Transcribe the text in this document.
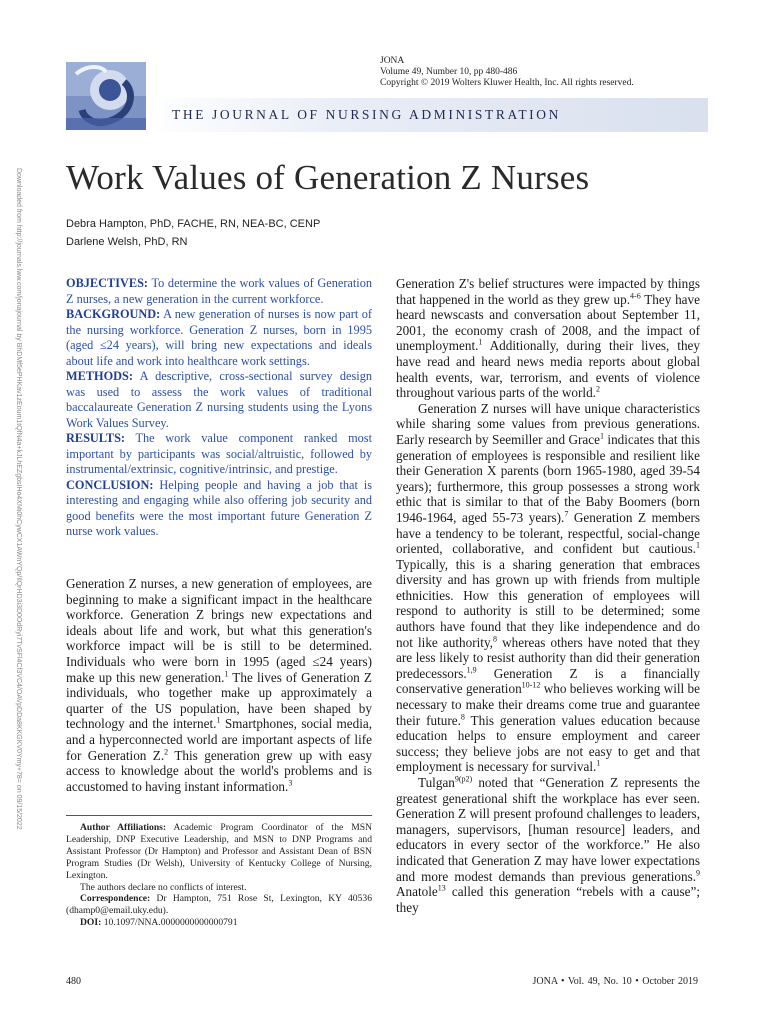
JONA
Volume 49, Number 10, pp 480-486
Copyright © 2019 Wolters Kluwer Health, Inc. All rights reserved.
THE JOURNAL OF NURSING ADMINISTRATION
Downloaded from http://journals.lww.com/jonajournal by BhDMf5ePHKav1zEoum1tQfN4a+kJLhEZgbsIHo4XMi0hCywCX1AWnYQp/IlQrHD3i3D0OdRyi7TvSFl4Cf3VC4/OAVpDDa8KKGKV0Ymy+78= on 09/15/2022 Work Values of Generation Z Nurses
Debra Hampton, PhD, FACHE, RN, NEA-BC, CENP
Darlene Welsh, PhD, RN
OBJECTIVES: To determine the work values of Generation Z nurses, a new generation in the current workforce.
BACKGROUND: A new generation of nurses is now part of the nursing workforce. Generation Z nurses, born in 1995 (aged ≤24 years), will bring new expectations and ideals about life and work into healthcare work settings.
METHODS: A descriptive, cross-sectional survey design was used to assess the work values of traditional baccalaureate Generation Z nursing students using the Lyons Work Values Survey.
RESULTS: The work value component ranked most important by participants was social/altruistic, followed by instrumental/extrinsic, cognitive/intrinsic, and prestige.
CONCLUSION: Helping people and having a job that is interesting and engaging while also offering job security and good benefits were the most important future Generation Z nurse work values.

Generation Z nurses, a new generation of employees, are beginning to make a significant impact in the healthcare workforce. Generation Z brings new expectations and ideals about life and work, but what this generation's workforce impact will be is still to be determined. Individuals who were born in 1995 (aged ≤24 years) make up this new generation.$^1$ The lives of Generation Z individuals, who together make up approximately a quarter of the US population, have been shaped by technology and the internet.$^1$ Smartphones, social media, and a hyperconnected world are important aspects of life for Generation Z.$^2$ This generation grew up with easy access to knowledge about the world's problems and is accustomed to having instant information.$^3$

Author Affiliations: Academic Program Coordinator of the MSN Leadership, DNP Executive Leadership, and MSN to DNP Programs and Assistant Professor (Dr Hampton) and Professor and Assistant Dean of BSN Program Studies (Dr Welsh), University of Kentucky College of Nursing, Lexington.

The authors declare no conflicts of interest.

Correspondence: Dr Hampton, 751 Rose St, Lexington, KY 40536 (dhamp0@email.uky.edu).

DOI: 10.1097/NNA.0000000000000791

Generation Z's belief structures were impacted by things that happened in the world as they grew up.$^{4-6}$ They have heard newscasts and conversation about September 11, 2001, the economy crash of 2008, and the impact of unemployment.$^1$ Additionally, during their lives, they have read and heard news media reports about global health events, war, terrorism, and events of violence throughout various parts of the world.$^2$

Generation Z nurses will have unique characteristics while sharing some values from previous generations. Early research by Seemiller and Grace$^1$ indicates that this generation of employees is responsible and resilient like their Generation X parents (born 1965-1980, aged 39-54 years); furthermore, this group possesses a strong work ethic that is similar to that of the Baby Boomers (born 1946-1964, aged 55-73 years).$^7$ Generation Z members have a tendency to be tolerant, respectful, social-change oriented, collaborative, and confident but cautious.$^1$ Typically, this is a sharing generation that embraces diversity and has grown up with friends from multiple ethnicities. How this generation of employees will respond to authority is still to be determined; some authors have found that they like independence and do not like authority,$^8$ whereas others have noted that they are less likely to resist authority than did their generation predecessors.$^{1,9}$ Generation Z is a financially conservative generation$^{10-12}$ who believes working will be necessary to make their dreams come true and guarantee their future.$^8$ This generation values education because education helps to ensure employment and career success; they believe jobs are not easy to get and that employment is necessary for survival.$^1$

Tulgan$^{9(p2)}$ noted that “Generation Z represents the greatest generational shift the workplace has ever seen. Generation Z will present profound challenges to leaders, managers, supervisors, [human resource] leaders, and educators in every sector of the workforce.” He also indicated that Generation Z may have lower expectations and more modest demands than previous generations.$^9$ Anatole$^{13}$ called this generation “rebels with a cause”; they

480	JONA • Vol. 49, No. 10 • October 2019
